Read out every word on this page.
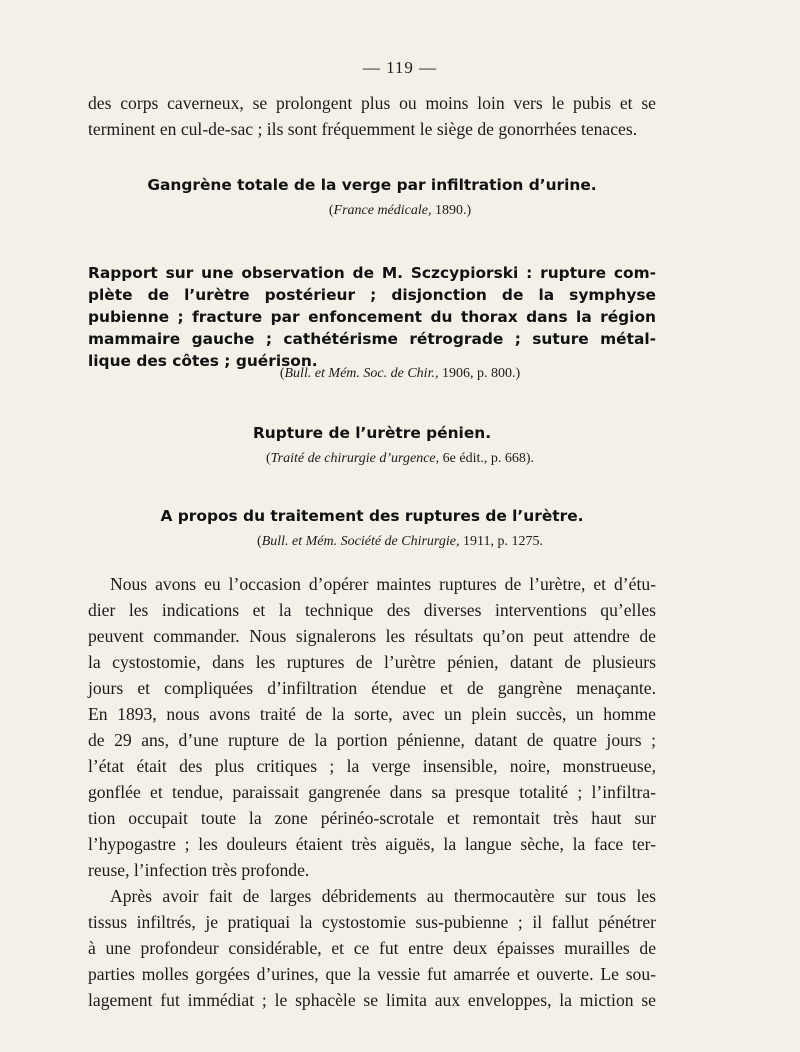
— 119 —
des corps caverneux, se prolongent plus ou moins loin vers le pubis et se
terminent en cul-de-sac ; ils sont fréquemment le siège de gonorrhées tenaces.
Gangrène totale de la verge par infiltration d’urine.
(France médicale, 1890.)
Rapport sur une observation de M. Sczcypiorski : rupture com-
plète de l’urètre postérieur ; disjonction de la symphyse
pubienne ; fracture par enfoncement du thorax dans la région
mammaire gauche ; cathétérisme rétrograde ; suture métal-
lique des côtes ; guérison.
(Bull. et Mém. Soc. de Chir., 1906, p. 800.)
Rupture de l’urètre pénien.
(Traité de chirurgie d’urgence, 6e édit., p. 668).
A propos du traitement des ruptures de l’urètre.
(Bull. et Mém. Société de Chirurgie, 1911, p. 1275.
Nous avons eu l’occasion d’opérer maintes ruptures de l’urètre, et d’étu-
dier les indications et la technique des diverses interventions qu’elles
peuvent commander. Nous signalerons les résultats qu’on peut attendre de
la cystostomie, dans les ruptures de l’urètre pénien, datant de plusieurs
jours et compliquées d’infiltration étendue et de gangrène menaçante.
En 1893, nous avons traité de la sorte, avec un plein succès, un homme
de 29 ans, d’une rupture de la portion pénienne, datant de quatre jours ;
l’état était des plus critiques ; la verge insensible, noire, monstrueuse,
gonflée et tendue, paraissait gangrenée dans sa presque totalité ; l’infiltra-
tion occupait toute la zone périnéo-scrotale et remontait très haut sur
l’hypogastre ; les douleurs étaient très aiguës, la langue sèche, la face ter-
reuse, l’infection très profonde.
Après avoir fait de larges débridements au thermocautère sur tous les
tissus infiltrés, je pratiquai la cystostomie sus-pubienne ; il fallut pénétrer
à une profondeur considérable, et ce fut entre deux épaisses murailles de
parties molles gorgées d’urines, que la vessie fut amarrée et ouverte. Le sou-
lagement fut immédiat ; le sphacèle se limita aux enveloppes, la miction se
